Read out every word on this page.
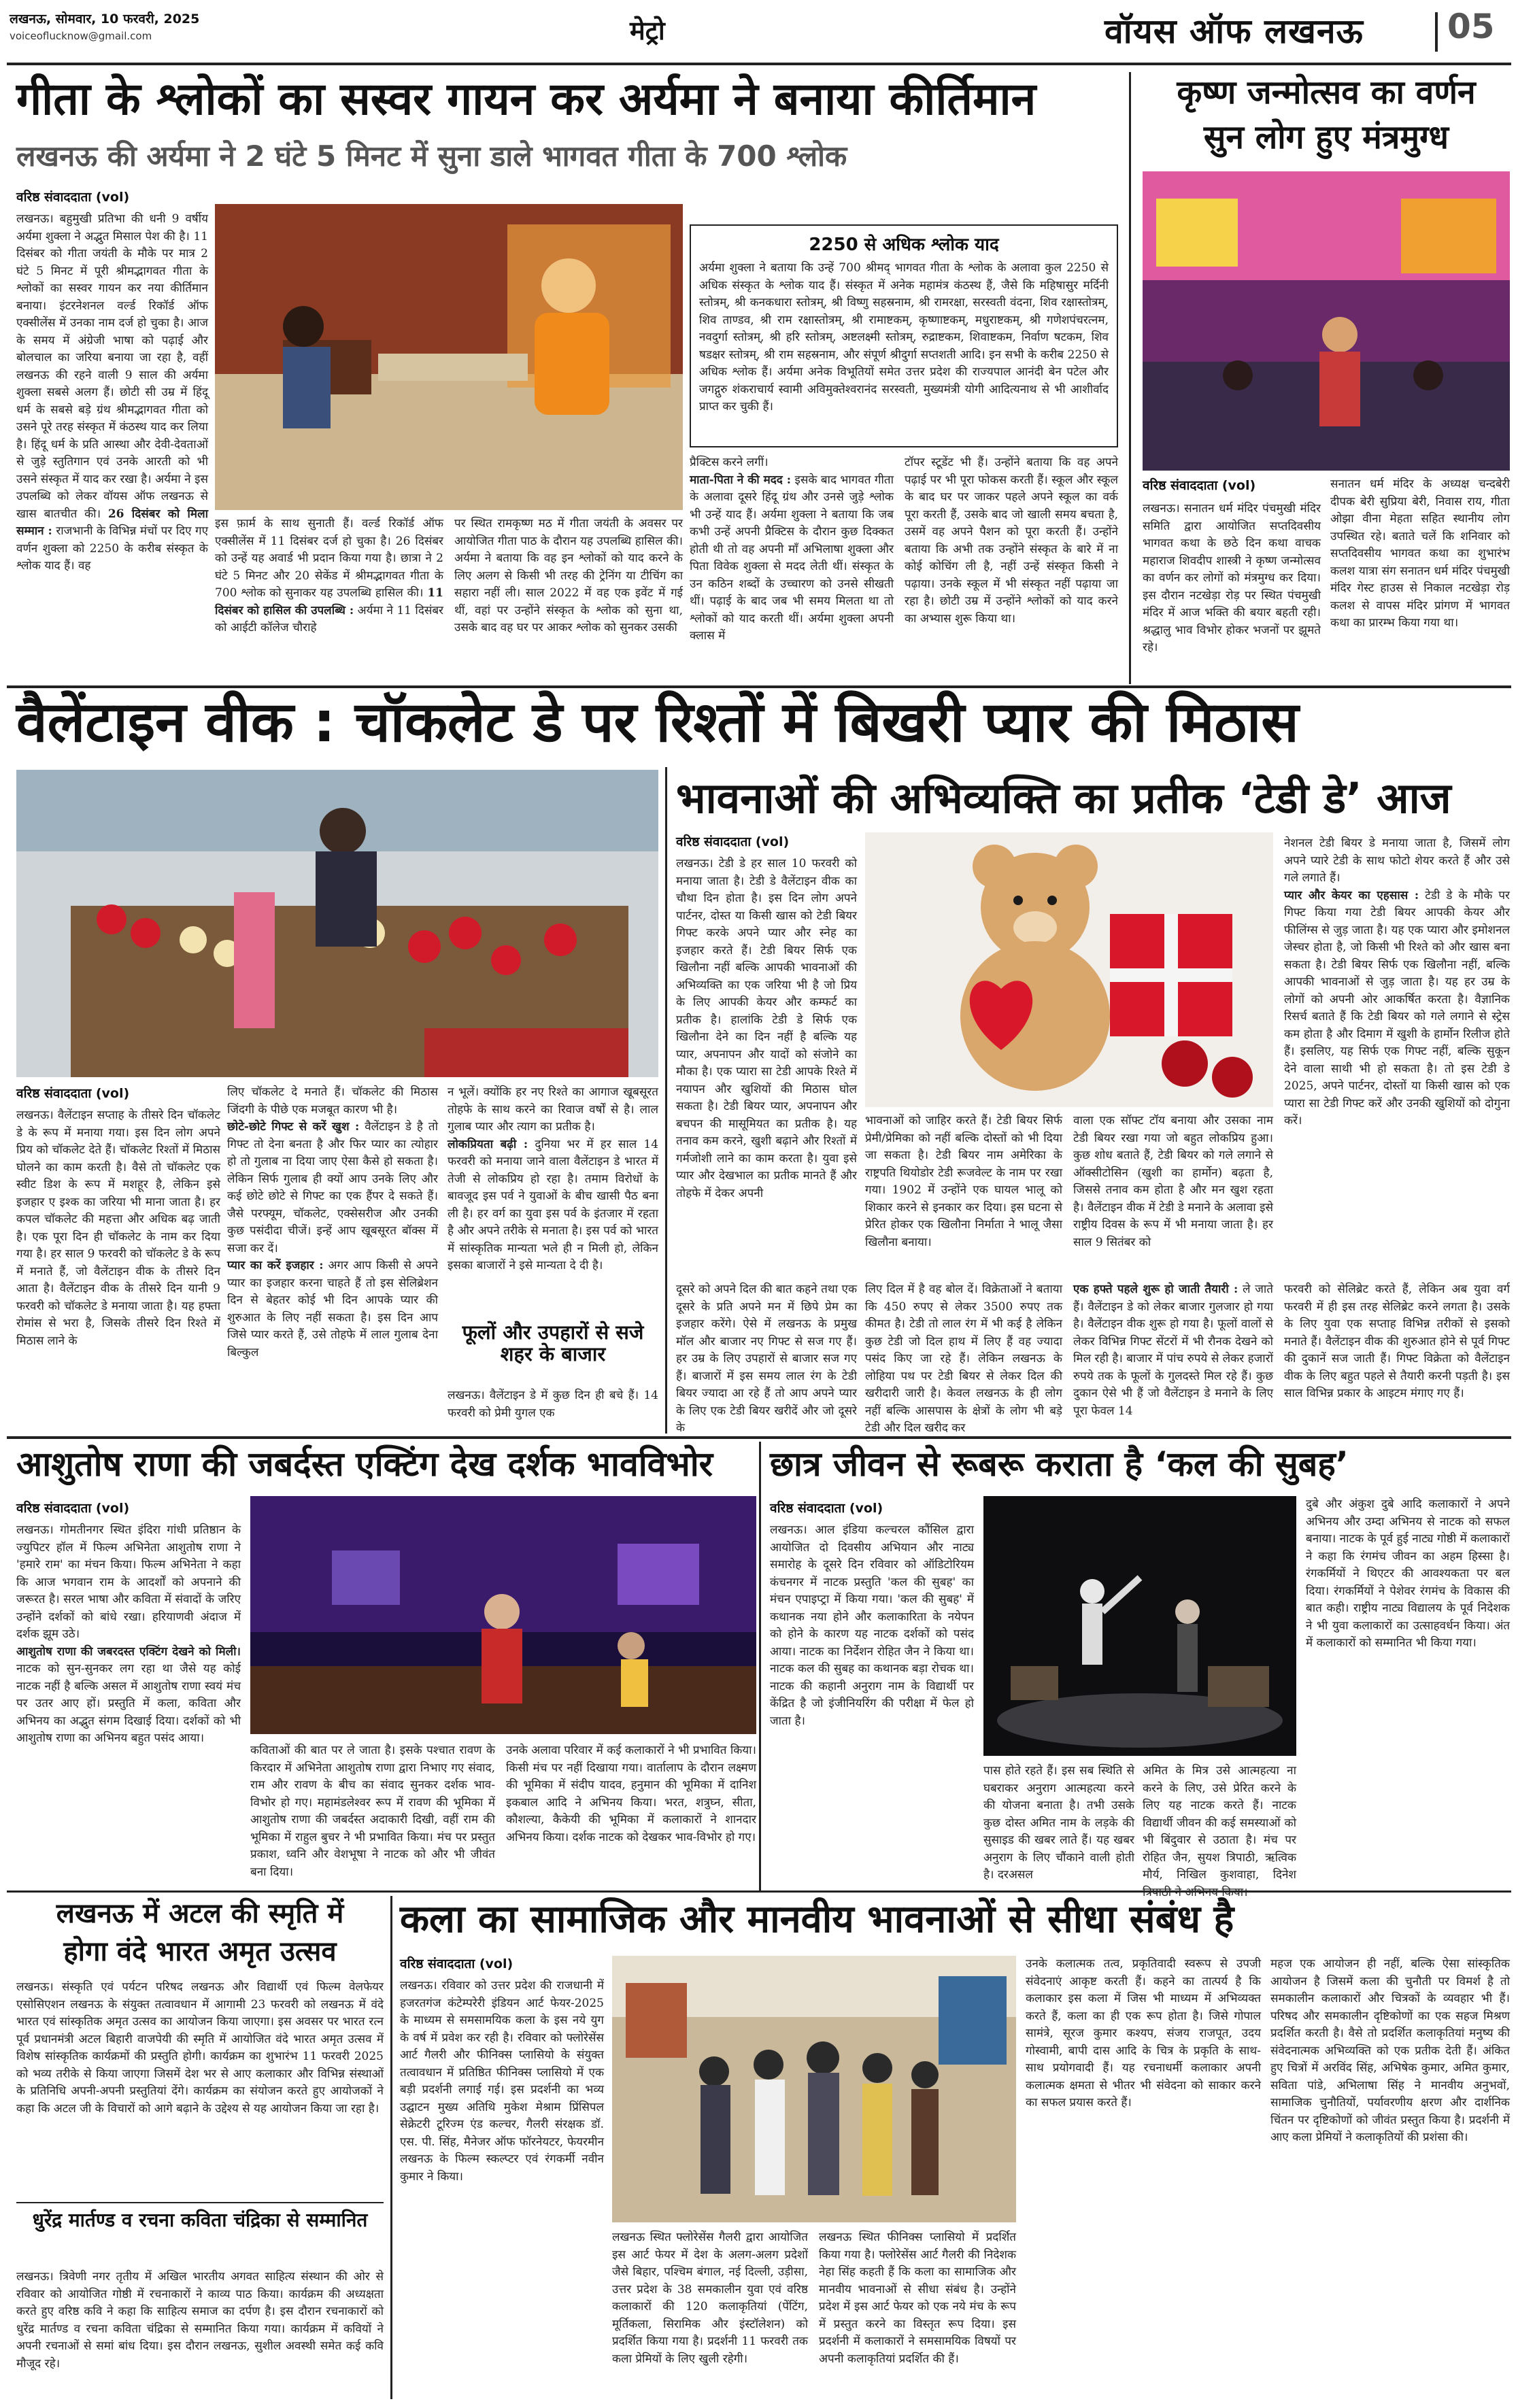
लखनऊ, सोमवार, 10 फरवरी, 2025
voiceoflucknow@gmail.com	मेट्रो	वॉयस ऑफ लखनऊ 05
गीता के श्लोकों का सस्वर गायन कर अर्यमा ने बनाया कीर्तिमान
लखनऊ की अर्यमा ने 2 घंटे 5 मिनट में सुना डाले भागवत गीता के 700 श्लोक
वरिष्ठ संवाददाता (vol)
लखनऊ। बहुमुखी प्रतिभा की धनी 9 वर्षीय अर्यमा शुक्ला ने अद्भुत मिसाल पेश की है। 11 दिसंबर को गीता जयंती के मौके पर मात्र 2 घंटे 5 मिनट में पूरी श्रीमद्भागवत गीता के श्लोकों का सस्वर गायन कर नया कीर्तिमान बनाया। इंटरनेशनल वर्ल्ड रिकॉर्ड ऑफ एक्सीलेंस में उनका नाम दर्ज हो चुका है। आज के समय में अंग्रेजी भाषा को पढ़ाई और बोलचाल का जरिया बनाया जा रहा है, वहीं लखनऊ की रहने वाली 9 साल की अर्यमा शुक्ला सबसे अलग हैं। छोटी सी उम्र में हिंदू धर्म के सबसे बड़े ग्रंथ श्रीमद्भागवत गीता को उसने पूरे तरह संस्कृत में कंठस्थ याद कर लिया है। हिंदू धर्म के प्रति आस्था और देवी-देवताओं से जुड़े स्तुतिगान एवं उनके आरती को भी उसने संस्कृत में याद कर रखा है। अर्यमा ने इस उपलब्धि को लेकर वॉयस ऑफ लखनऊ से खास बातचीत की। 26 दिसंबर को मिला सम्मान : राजभानी के विभिन्न मंचों पर दिए गए वर्णन शुक्ला को 2250 के करीब संस्कृत के श्लोक याद हैं। वह
इस फ़ार्म के साथ सुनाती हैं। वर्ल्ड रिकॉर्ड ऑफ एक्सीलेंस में 11 दिसंबर दर्ज हो चुका है। 26 दिसंबर को उन्हें यह अवार्ड भी प्रदान किया गया है। छात्रा ने 2 घंटे 5 मिनट और 20 सेकेंड में श्रीमद्भागवत गीता के 700 श्लोक को सुनाकर यह उपलब्धि हासिल की। 11 दिसंबर को हासिल की उपलब्धि : अर्यमा ने 11 दिसंबर को आईटी कॉलेज चौराहे
पर स्थित रामकृष्ण मठ में गीता जयंती के अवसर पर आयोजित गीता पाठ के दौरान यह उपलब्धि हासिल की। अर्यमा ने बताया कि वह इन श्लोकों को याद करने के लिए अलग से किसी भी तरह की ट्रेनिंग या टीचिंग का सहारा नहीं ली। साल 2022 में वह एक इवेंट में गई थीं, वहां पर उन्होंने संस्कृत के श्लोक को सुना था, उसके बाद वह घर पर आकर श्लोक को सुनकर उसकी
2250 से अधिक श्लोक याद
अर्यमा शुक्ला ने बताया कि उन्हें 700 श्रीमद् भागवत गीता के श्लोक के अलावा कुल 2250 से अधिक संस्कृत के श्लोक याद हैं। संस्कृत में अनेक महामंत्र कंठस्थ हैं, जैसे कि महिषासुर मर्दिनी स्तोत्रम्, श्री कनकधारा स्तोत्रम्, श्री विष्णु सहस्रनाम, श्री रामरक्षा, सरस्वती वंदना, शिव रक्षास्तोत्रम्, शिव ताण्डव, श्री राम रक्षास्तोत्रम्, श्री रामाष्टकम्, कृष्णाष्टकम्, मधुराष्टकम्, श्री गणेशपंचरत्नम, नवदुर्गा स्तोत्रम्, श्री हरि स्तोत्रम्, अष्टलक्ष्मी स्तोत्रम्, रुद्राष्टकम, शिवाष्टकम, निर्वाण षटकम, शिव षडक्षर स्तोत्रम्, श्री राम सहस्रनाम, और संपूर्ण श्रीदुर्गा सप्तशती आदि। इन सभी के करीब 2250 से अधिक श्लोक हैं। अर्यमा अनेक विभूतियों समेत उत्तर प्रदेश की राज्यपाल आनंदी बेन पटेल और जगद्गुरु शंकराचार्य स्वामी अविमुक्तेश्वरानंद सरस्वती, मुख्यमंत्री योगी आदित्यनाथ से भी आशीर्वाद प्राप्त कर चुकी हैं।
प्रैक्टिस करने लगीं।
माता-पिता ने की मदद : इसके बाद भागवत गीता के अलावा दूसरे हिंदू ग्रंथ और उनसे जुड़े श्लोक भी उन्हें याद हैं। अर्यमा शुक्ला ने बताया कि जब कभी उन्हें अपनी प्रैक्टिस के दौरान कुछ दिक्कत होती थी तो वह अपनी माँ अभिलाषा शुक्ला और पिता विवेक शुक्ला से मदद लेती थीं। संस्कृत के उन कठिन शब्दों के उच्चारण को उनसे सीखती थीं। पढ़ाई के बाद जब भी समय मिलता था तो श्लोकों को याद करती थीं। अर्यमा शुक्ला अपनी क्लास में
टॉपर स्टूडेंट भी हैं। उन्होंने बताया कि वह अपने पढ़ाई पर भी पूरा फोकस करती हैं। स्कूल और स्कूल के बाद घर पर जाकर पहले अपने स्कूल का वर्क पूरा करती हैं, उसके बाद जो खाली समय बचता है, उसमें वह अपने पैशन को पूरा करती हैं। उन्होंने बताया कि अभी तक उन्होंने संस्कृत के बारे में ना कोई कोचिंग ली है, नहीं उन्हें संस्कृत किसी ने पढ़ाया। उनके स्कूल में भी संस्कृत नहीं पढ़ाया जा रहा है। छोटी उम्र में उन्होंने श्लोकों को याद करने का अभ्यास शुरू किया था।
कृष्ण जन्मोत्सव का वर्णन
सुन लोग हुए मंत्रमुग्ध
वरिष्ठ संवाददाता (vol)
लखनऊ। सनातन धर्म मंदिर पंचमुखी मंदिर समिति द्वारा आयोजित सप्तदिवसीय भागवत कथा के छठे दिन कथा वाचक महाराज शिवदीप शास्त्री ने कृष्ण जन्मोत्सव का वर्णन कर लोगों को मंत्रमुग्ध कर दिया। इस दौरान नटखेड़ा रोड़ पर स्थित पंचमुखी मंदिर में आज भक्ति की बयार बहती रही। श्रद्धालु भाव विभोर होकर भजनों पर झूमते रहे।
सनातन धर्म मंदिर के अध्यक्ष चन्दबेरी दीपक बेरी सुप्रिया बेरी, निवास राय, गीता ओझा वीना मेहता सहित स्थानीय लोग उपस्थित रहे। बताते चलें कि शनिवार को सप्तदिवसीय भागवत कथा का शुभारंभ कलश यात्रा संग सनातन धर्म मंदिर पंचमुखी मंदिर गेस्ट हाउस से निकाल नटखेड़ा रोड़ कलश से वापस मंदिर प्रांगण में भागवत कथा का प्रारम्भ किया गया था।
वैलेंटाइन वीक : चॉकलेट डे पर रिश्तों में बिखरी प्यार की मिठास
वरिष्ठ संवाददाता (vol)
लखनऊ। वैलेंटाइन सप्ताह के तीसरे दिन चॉकलेट डे के रूप में मनाया गया। इस दिन लोग अपने प्रिय को चॉकलेट देते हैं। चॉकलेट रिश्तों में मिठास घोलने का काम करती है। वैसे तो चॉकलेट एक स्वीट डिश के रूप में मशहूर है, लेकिन इसे इजहार ए इश्क का जरिया भी माना जाता है। हर कपल चॉकलेट की महत्ता और अधिक बढ़ जाती है। एक पूरा दिन ही चॉकलेट के नाम कर दिया गया है। हर साल 9 फरवरी को चॉकलेट डे के रूप में मनाते हैं, जो वैलेंटाइन वीक के तीसरे दिन आता है। वैलेंटाइन वीक के तीसरे दिन यानी 9 फरवरी को चॉकलेट डे मनाया जाता है। यह हफ्ता रोमांस से भरा है, जिसके तीसरे दिन रिश्ते में मिठास लाने के
लिए चॉकलेट दे मनाते हैं। चॉकलेट की मिठास जिंदगी के पीछे एक मजबूत कारण भी है।
छोटे-छोटे गिफ्ट से करें खुश : वैलेंटाइन डे है तो गिफ्ट तो देना बनता है और फिर प्यार का त्योहार हो तो गुलाब ना दिया जाए ऐसा कैसे हो सकता है। लेकिन सिर्फ गुलाब ही क्यों आप उनके लिए और कई छोटे छोटे से गिफ्ट का एक हैंपर दे सकते हैं। जैसे परफ्यूम, चॉकलेट, एक्सेसरीज और उनकी कुछ पसंदीदा चीजें। इन्हें आप खूबसूरत बॉक्स में सजा कर दें।
प्यार का करें इजहार : अगर आप किसी से अपने प्यार का इजहार करना चाहते हैं तो इस सेलिब्रेशन दिन से बेहतर कोई भी दिन आपके प्यार की शुरुआत के लिए नहीं सकता है। इस दिन आप जिसे प्यार करते हैं, उसे तोहफे में लाल गुलाब देना बिल्कुल
न भूलें। क्योंकि हर नए रिश्ते का आगाज खूबसूरत तोहफे के साथ करने का रिवाज वर्षों से है। लाल गुलाब प्यार और त्याग का प्रतीक है।
लोकप्रियता बढ़ी : दुनिया भर में हर साल 14 फरवरी को मनाया जाने वाला वैलेंटाइन डे भारत में तेजी से लोकप्रिय हो रहा है। तमाम विरोधों के बावजूद इस पर्व ने युवाओं के बीच खासी पैठ बना ली है। हर वर्ग का युवा इस पर्व के इंतजार में रहता है और अपने तरीके से मनाता है। इस पर्व को भारत में सांस्कृतिक मान्यता भले ही न मिली हो, लेकिन इसका बाजारों ने इसे मान्यता दे दी है।
फूलों और उपहारों से सजे शहर के बाजार
लखनऊ। वैलेंटाइन डे में कुछ दिन ही बचे हैं। 14 फरवरी को प्रेमी युगल एक
भावनाओं की अभिव्यक्ति का प्रतीक ‘टेडी डे’ आज
वरिष्ठ संवाददाता (vol)
लखनऊ। टेडी डे हर साल 10 फरवरी को मनाया जाता है। टेडी डे वैलेंटाइन वीक का चौथा दिन होता है। इस दिन लोग अपने पार्टनर, दोस्त या किसी खास को टेडी बियर गिफ्ट करके अपने प्यार और स्नेह का इजहार करते हैं। टेडी बियर सिर्फ एक खिलौना नहीं बल्कि आपकी भावनाओं की अभिव्यक्ति का एक जरिया भी है जो प्रिय के लिए आपकी केयर और कम्फर्ट का प्रतीक है। हालांकि टेडी डे सिर्फ एक खिलौना देने का दिन नहीं है बल्कि यह प्यार, अपनापन और यादों को संजोने का मौका है। एक प्यारा सा टेडी आपके रिश्ते में नयापन और खुशियों की मिठास घोल सकता है। टेडी बियर प्यार, अपनापन और बचपन की मासूमियत का प्रतीक है। यह तनाव कम करने, खुशी बढ़ाने और रिश्तों में गर्मजोशी लाने का काम करता है। युवा इसे प्यार और देखभाल का प्रतीक मानते हैं और तोहफे में देकर अपनी
भावनाओं को जाहिर करते हैं। टेडी बियर सिर्फ प्रेमी/प्रेमिका को नहीं बल्कि दोस्तों को भी दिया जा सकता है। टेडी बियर नाम अमेरिका के राष्ट्रपति थियोडोर टेडी रूजवेल्ट के नाम पर रखा गया। 1902 में उन्होंने एक घायल भालू को शिकार करने से इनकार कर दिया। इस घटना से प्रेरित होकर एक खिलौना निर्माता ने भालू जैसा खिलौना बनाया।
वाला एक सॉफ्ट टॉय बनाया और उसका नाम टेडी बियर रखा गया जो बहुत लोकप्रिय हुआ। कुछ शोध बताते हैं, टेडी बियर को गले लगाने से ऑक्सीटोसिन (खुशी का हार्मोन) बढ़ता है, जिससे तनाव कम होता है और मन खुश रहता है। वैलेंटाइन वीक में टेडी डे मनाने के अलावा इसे राष्ट्रीय दिवस के रूप में भी मनाया जाता है। हर साल 9 सितंबर को
नेशनल टेडी बियर डे मनाया जाता है, जिसमें लोग अपने प्यारे टेडी के साथ फोटो शेयर करते हैं और उसे गले लगाते हैं।
प्यार और केयर का एहसास : टेडी डे के मौके पर गिफ्ट किया गया टेडी बियर आपकी केयर और फीलिंग्स से जुड़ जाता है। यह एक प्यारा और इमोशनल जेस्चर होता है, जो किसी भी रिश्ते को और खास बना सकता है। टेडी बियर सिर्फ एक खिलौना नहीं, बल्कि आपकी भावनाओं से जुड़ जाता है। यह हर उम्र के लोगों को अपनी ओर आकर्षित करता है। वैज्ञानिक रिसर्च बताते हैं कि टेडी बियर को गले लगाने से स्ट्रेस कम होता है और दिमाग में खुशी के हार्मोन रिलीज होते हैं। इसलिए, यह सिर्फ एक गिफ्ट नहीं, बल्कि सुकून देने वाला साथी भी हो सकता है। तो इस टेडी डे 2025, अपने पार्टनर, दोस्तों या किसी खास को एक प्यारा सा टेडी गिफ्ट करें और उनकी खुशियों को दोगुना करें।
दूसरे को अपने दिल की बात कहने तथा एक दूसरे के प्रति अपने मन में छिपे प्रेम का इजहार करेंगे। ऐसे में लखनऊ के प्रमुख मॉल और बाजार नए गिफ्ट से सज गए हैं। हर उम्र के लिए उपहारों से बाजार सज गए हैं। बाजारों में इस समय लाल रंग के टेडी बियर ज्यादा आ रहे हैं तो आप अपने प्यार के लिए एक टेडी बियर खरीदें और जो दूसरे के
लिए दिल में है वह बोल दें। विक्रेताओं ने बताया कि 450 रुपए से लेकर 3500 रुपए तक कीमत है। टेडी तो लाल रंग में भी कई है लेकिन कुछ टेडी जो दिल हाथ में लिए हैं वह ज्यादा पसंद किए जा रहे हैं। लेकिन लखनऊ के लोहिया पथ पर टेडी बियर से लेकर दिल की खरीदारी जारी है। केवल लखनऊ के ही लोग नहीं बल्कि आसपास के क्षेत्रों के लोग भी बड़े टेडी और दिल खरीद कर
एक हफ्ते पहले शुरू हो जाती तैयारी : ले जाते हैं। वैलेंटाइन डे को लेकर बाजार गुलजार हो गया है। वैलेंटाइन वीक शुरू हो गया है। फूलों वालों से लेकर विभिन्न गिफ्ट सेंटरों में भी रौनक देखने को मिल रही है। बाजार में पांच रुपये से लेकर हजारों रुपये तक के फूलों के गुलदस्ते मिल रहे हैं। कुछ दुकान ऐसे भी हैं जो वैलेंटाइन डे मनाने के लिए पूरा फेवल 14
फरवरी को सेलिब्रेट करते हैं, लेकिन अब युवा वर्ग फरवरी में ही इस तरह सेलिब्रेट करने लगता है। उसके के लिए युवा एक सप्ताह विभिन्न तरीकों से इसको मनाते हैं। वैलेंटाइन वीक की शुरुआत होने से पूर्व गिफ्ट की दुकानें सज जाती हैं। गिफ्ट विक्रेता को वैलेंटाइन वीक के लिए बहुत पहले से तैयारी करनी पड़ती है। इस साल विभिन्न प्रकार के आइटम मंगाए गए हैं।
आशुतोष राणा की जबर्दस्त एक्टिंग देख दर्शक भावविभोर
वरिष्ठ संवाददाता (vol)
लखनऊ। गोमतीनगर स्थित इंदिरा गांधी प्रतिष्ठान के ज्युपिटर हॉल में फिल्म अभिनेता आशुतोष राणा ने 'हमारे राम' का मंचन किया। फिल्म अभिनेता ने कहा कि आज भगवान राम के आदर्शों को अपनाने की जरूरत है। सरल भाषा और कविता में संवादों के जरिए उन्होंने दर्शकों को बांधे रखा। हरियाणवी अंदाज में दर्शक झूम उठे।
आशुतोष राणा की जबरदस्त एक्टिंग देखने को मिली। नाटक को सुन-सुनकर लग रहा था जैसे यह कोई नाटक नहीं है बल्कि असल में आशुतोष राणा स्वयं मंच पर उतर आए हों। प्रस्तुति में कला, कविता और अभिनय का अद्भुत संगम दिखाई दिया। दर्शकों को भी आशुतोष राणा का अभिनय बहुत पसंद आया।
कविताओं की बात पर ले जाता है। इसके पश्चात रावण के किरदार में अभिनेता आशुतोष राणा द्वारा निभाए गए संवाद, राम और रावण के बीच का संवाद सुनकर दर्शक भाव-विभोर हो गए। महामंडलेश्वर रूप में रावण की भूमिका में आशुतोष राणा की जबर्दस्त अदाकारी दिखी, वहीं राम की भूमिका में राहुल बुचर ने भी प्रभावित किया। मंच पर प्रस्तुत प्रकाश, ध्वनि और वेशभूषा ने नाटक को और भी जीवंत बना दिया।
उनके अलावा परिवार में कई कलाकारों ने भी प्रभावित किया। किसी मंच पर नहीं दिखाया गया। वार्तालाप के दौरान लक्ष्मण की भूमिका में संदीप यादव, हनुमान की भूमिका में दानिश इकबाल आदि ने अभिनय किया। भरत, शत्रुघ्न, सीता, कौशल्या, कैकेयी की भूमिका में कलाकारों ने शानदार अभिनय किया। दर्शक नाटक को देखकर भाव-विभोर हो गए।
छात्र जीवन से रूबरू कराता है ‘कल की सुबह’
वरिष्ठ संवाददाता (vol)
लखनऊ। आल इंडिया कल्चरल कौंसिल द्वारा आयोजित दो दिवसीय अभियान और नाट्य समारोह के दूसरे दिन रविवार को ऑडिटोरियम कंचनगर में नाटक प्रस्तुति 'कल की सुबह' का मंचन एपाइप्ट्रा में किया गया। 'कल की सुबह' में कथानक नया होने और कलाकारिता के नयेपन को होने के कारण यह नाटक दर्शकों को पसंद आया। नाटक का निर्देशन रोहित जैन ने किया था। नाटक कल की सुबह का कथानक बड़ा रोचक था। नाटक की कहानी अनुराग नाम के विद्यार्थी पर केंद्रित है जो इंजीनियरिंग की परीक्षा में फेल हो जाता है।
पास होते रहते हैं। इस सब स्थिति से घबराकर अनुराग आत्महत्या करने की योजना बनाता है। तभी उसके कुछ दोस्त अमित नाम के लड़के की सुसाइड की खबर लाते हैं। यह खबर अनुराग के लिए चौंकाने वाली होती है। दरअसल
अमित के मित्र उसे आत्महत्या ना करने के लिए, उसे प्रेरित करने के लिए यह नाटक करते हैं। नाटक विद्यार्थी जीवन की कई समस्याओं को भी बिंदुवार से उठाता है। मंच पर रोहित जैन, सुयश त्रिपाठी, ऋत्विक मौर्य, निखिल कुशवाहा, दिनेश
दुबे और अंकुश दुबे आदि कलाकारों ने अपने अभिनय और उम्दा अभिनय से नाटक को सफल बनाया। नाटक के पूर्व हुई नाट्य गोष्ठी में कलाकारों ने कहा कि रंगमंच जीवन का अहम हिस्सा है। रंगकर्मियों ने थिएटर की आवश्यकता पर बल दिया। रंगकर्मियों ने पेशेवर रंगमंच के विकास की बात कही। राष्ट्रीय नाट्य विद्यालय के पूर्व निदेशक ने भी युवा कलाकारों का उत्साहवर्धन किया। अंत में कलाकारों को सम्मानित भी किया गया।
लखनऊ में अटल की स्मृति में
होगा वंदे भारत अमृत उत्सव
लखनऊ। संस्कृति एवं पर्यटन परिषद लखनऊ और विद्यार्थी एवं फिल्म वेलफेयर एसोसिएशन लखनऊ के संयुक्त तत्वावधान में आगामी 23 फरवरी को लखनऊ में वंदे भारत एवं सांस्कृतिक अमृत उत्सव का आयोजन किया जाएगा। इस अवसर पर भारत रत्न पूर्व प्रधानमंत्री अटल बिहारी वाजपेयी की स्मृति में आयोजित वंदे भारत अमृत उत्सव में विशेष सांस्कृतिक कार्यक्रमों की प्रस्तुति होगी। कार्यक्रम का शुभारंभ 11 फरवरी 2025 को भव्य तरीके से किया जाएगा जिसमें देश भर से आए कलाकार और विभिन्न संस्थाओं के प्रतिनिधि अपनी-अपनी प्रस्तुतियां देंगे। कार्यक्रम का संयोजन करते हुए आयोजकों ने कहा कि अटल जी के विचारों को आगे बढ़ाने के उद्देश्य से यह आयोजन किया जा रहा है।
धुरेंद्र मार्तण्ड व रचना कविता चंद्रिका से सम्मानित
लखनऊ। त्रिवेणी नगर तृतीय में अखिल भारतीय अगवत साहित्य संस्थान की ओर से रविवार को आयोजित गोष्ठी में रचनाकारों ने काव्य पाठ किया। कार्यक्रम की अध्यक्षता करते हुए वरिष्ठ कवि ने कहा कि साहित्य समाज का दर्पण है। इस दौरान रचनाकारों को धुरेंद्र मार्तण्ड व रचना कविता चंद्रिका से सम्मानित किया गया। कार्यक्रम में कवियों ने अपनी रचनाओं से समां बांध दिया। इस दौरान लखनऊ, सुशील अवस्थी समेत कई कवि मौजूद रहे।
कला का सामाजिक और मानवीय भावनाओं से सीधा संबंध है
वरिष्ठ संवाददाता (vol)
लखनऊ। रविवार को उत्तर प्रदेश की राजधानी में हजरतगंज कंटेम्परेरी इंडियन आर्ट फेयर-2025 के माध्यम से समसामयिक कला के इस नये युग के वर्ष में प्रवेश कर रही है। रविवार को फ्लोरेसेंस आर्ट गैलरी और फीनिक्स प्लासियो के संयुक्त तत्वावधान में प्रतिष्ठित फीनिक्स प्लासियो में एक बड़ी प्रदर्शनी लगाई गई। इस प्रदर्शनी का भव्य उद्घाटन मुख्य अतिथि मुकेश मेश्राम प्रिंसिपल सेक्रेटरी टूरिज्म एंड कल्चर, गैलरी संरक्षक डॉ. एस. पी. सिंह, मैनेजर ऑफ फॉरनेयटर, फेयरमीन लखनऊ के फिल्म स्कल्प्टर एवं रंगकर्मी नवीन कुमार ने किया।
लखनऊ स्थित फ्लोरेसेंस गैलरी द्वारा आयोजित इस आर्ट फेयर में देश के अलग-अलग प्रदेशों जैसे बिहार, पश्चिम बंगाल, नई दिल्ली, उड़ीसा, उत्तर प्रदेश के 38 समकालीन युवा एवं वरिष्ठ कलाकारों की 120 कलाकृतियां (पेंटिंग, मूर्तिकला, सिरामिक और इंस्टॉलेशन) को प्रदर्शित किया गया है। प्रदर्शनी 11 फरवरी तक कला प्रेमियों के लिए खुली रहेगी।
लखनऊ स्थित फीनिक्स प्लासियो में प्रदर्शित किया गया है। फ्लोरेसेंस आर्ट गैलरी की निदेशक नेहा सिंह कहती हैं कि कला का सामाजिक और मानवीय भावनाओं से सीधा संबंध है। उन्होंने प्रदेश में इस आर्ट फेयर को एक नये मंच के रूप में प्रस्तुत करने का विस्तृत रूप दिया। इस प्रदर्शनी में कलाकारों ने समसामयिक विषयों पर अपनी कलाकृतियां प्रदर्शित की हैं।
उनके कलात्मक तत्व, प्रकृतिवादी स्वरूप से उपजी संवेदनाएं आकृष्ट करती हैं। कहने का तात्पर्य है कि कलाकार इस कला में जिस भी माध्यम में अभिव्यक्त करते हैं, कला का ही एक रूप होता है। जिसे गोपाल सामंत्रे, सूरज कुमार कश्यप, संजय राजपूत, उदय गोस्वामी, बापी दास आदि के चित्र के प्रकृति के साथ-साथ प्रयोगवादी हैं। यह रचनाधर्मी कलाकार अपनी कलात्मक क्षमता से भीतर भी संवेदना को साकार करने का सफल प्रयास करते हैं।
महज एक आयोजन ही नहीं, बल्कि ऐसा सांस्कृतिक आयोजन है जिसमें कला की चुनौती पर विमर्श है तो समकालीन कलाकारों और चित्रकों के व्यवहार भी हैं। परिषद और समकालीन दृष्टिकोणों का एक सहज मिश्रण प्रदर्शित करती है। वैसे तो प्रदर्शित कलाकृतियां मनुष्य की संवेदनात्मक अभिव्यक्ति को एक प्रतीक देती हैं। अंकित हुए चित्रों में अरविंद सिंह, अभिषेक कुमार, अमित कुमार, सविता पांडे, अभिलाषा सिंह ने मानवीय अनुभवों, सामाजिक चुनौतियों, पर्यावरणीय क्षरण और दार्शनिक चिंतन पर दृष्टिकोणों को जीवंत प्रस्तुत किया है। प्रदर्शनी में आए कला प्रेमियों ने कलाकृतियों की प्रशंसा की।
